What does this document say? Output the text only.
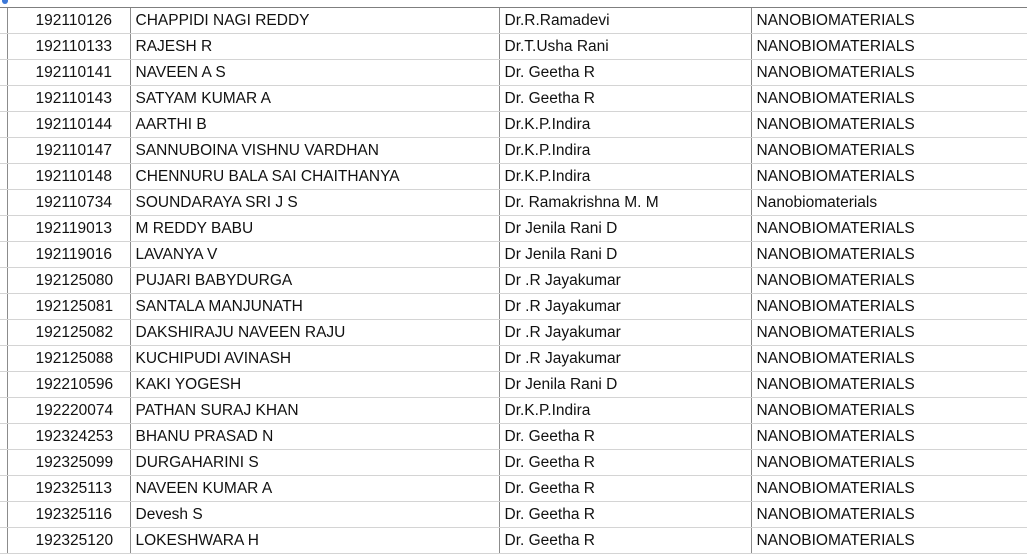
	192110126	CHAPPIDI NAGI REDDY	Dr.R.Ramadevi	NANOBIOMATERIALS
	192110133	RAJESH R	Dr.T.Usha Rani	NANOBIOMATERIALS
	192110141	NAVEEN A S	Dr. Geetha R	NANOBIOMATERIALS
	192110143	SATYAM KUMAR A	Dr. Geetha R	NANOBIOMATERIALS
	192110144	AARTHI B	Dr.K.P.Indira	NANOBIOMATERIALS
	192110147	SANNUBOINA VISHNU VARDHAN	Dr.K.P.Indira	NANOBIOMATERIALS
	192110148	CHENNURU BALA SAI CHAITHANYA	Dr.K.P.Indira	NANOBIOMATERIALS
	192110734	SOUNDARAYA SRI J S	Dr. Ramakrishna M. M	Nanobiomaterials
	192119013	M REDDY BABU	Dr Jenila Rani D	NANOBIOMATERIALS
	192119016	LAVANYA V	Dr Jenila Rani D	NANOBIOMATERIALS
	192125080	PUJARI BABYDURGA	Dr .R Jayakumar	NANOBIOMATERIALS
	192125081	SANTALA MANJUNATH	Dr .R Jayakumar	NANOBIOMATERIALS
	192125082	DAKSHIRAJU NAVEEN RAJU	Dr .R Jayakumar	NANOBIOMATERIALS
	192125088	KUCHIPUDI AVINASH	Dr .R Jayakumar	NANOBIOMATERIALS
	192210596	KAKI YOGESH	Dr Jenila Rani D	NANOBIOMATERIALS
	192220074	PATHAN SURAJ KHAN	Dr.K.P.Indira	NANOBIOMATERIALS
	192324253	BHANU PRASAD N	Dr. Geetha R	NANOBIOMATERIALS
	192325099	DURGAHARINI S	Dr. Geetha R	NANOBIOMATERIALS
	192325113	NAVEEN KUMAR A	Dr. Geetha R	NANOBIOMATERIALS
	192325116	Devesh S	Dr. Geetha R	NANOBIOMATERIALS
	192325120	LOKESHWARA H	Dr. Geetha R	NANOBIOMATERIALS
